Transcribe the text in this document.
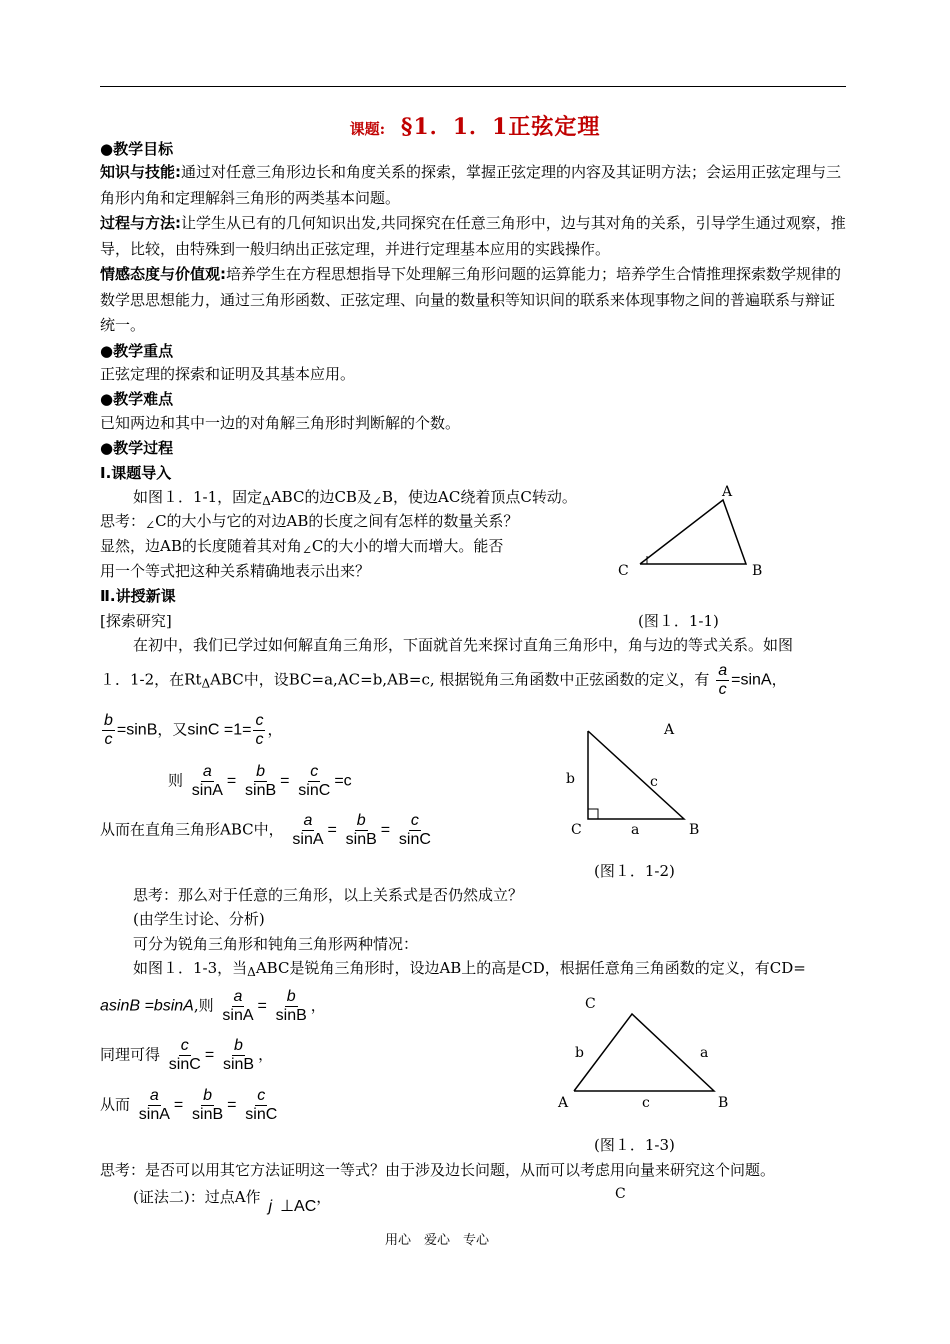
课题: §1．1．1正弦定理
●教学目标
知识与技能:通过对任意三角形边长和角度关系的探索，掌握正弦定理的内容及其证明方法；会运用正弦定理与三角形内角和定理解斜三角形的两类基本问题。
过程与方法:让学生从已有的几何知识出发,共同探究在任意三角形中，边与其对角的关系，引导学生通过观察，推导，比较，由特殊到一般归纳出正弦定理，并进行定理基本应用的实践操作。
情感态度与价值观:培养学生在方程思想指导下处理解三角形问题的运算能力；培养学生合情推理探索数学规律的数学思思想能力，通过三角形函数、正弦定理、向量的数量积等知识间的联系来体现事物之间的普遍联系与辩证统一。
●教学重点
正弦定理的探索和证明及其基本应用。
●教学难点
已知两边和其中一边的对角解三角形时判断解的个数。
●教学过程
Ⅰ.课题导入
如图１．1-1，固定$_\Delta$ABC的边CB及$_\angle$B，使边AC绕着顶点C转动。
思考：$_\angle$C的大小与它的对边AB的长度之间有怎样的数量关系？
显然，边AB的长度随着其对角$_\angle$C的大小的增大而增大。能否
用一个等式把这种关系精确地表示出来？
A
C	B
Ⅱ.讲授新课
[探索研究]	(图１．1-1)
在初中，我们已学过如何解直角三角形，下面就首先来探讨直角三角形中，角与边的等式关系。如图
１．1-2，在$Rt_\Delta ABC$中，设BC=a,AC=b,AB=c, 根据锐角三角函数中正弦函数的定义，有 $\frac{a}{c} =\sin A$，
$\frac{b}{c} =\sin B$，又$\sin C =1= \frac{c}{c}$ ，
则 $\frac{a}{\sin A} = \frac{b}{\sin B} = \frac{c}{\sin C} =c$
从而在直角三角形ABC中， $\frac{a}{\sin A} = \frac{b}{\sin B} = \frac{c}{\sin C}$
A
b	c
C	a	B
(图１．1-2)
思考：那么对于任意的三角形，以上关系式是否仍然成立？
(由学生讨论、分析)
可分为锐角三角形和钝角三角形两种情况：
如图１．1-3，当$_\Delta$ABC是锐角三角形时，设边AB上的高是CD，根据任意角三角函数的定义，有CD=
asinB =bsinA,则 $\frac{a}{\sin A} = \frac{b}{\sin B}$ ，
同理可得 $\frac{c}{\sin C} = \frac{b}{\sin B}$ ，
从而 $\frac{a}{\sin A} = \frac{b}{\sin B} = \frac{c}{\sin C}$
C
b	a
A	c	B
(图１．1-3)
思考：是否可以用其它方法证明这一等式？由于涉及边长问题，从而可以考虑用向量来研究这个问题。
(证法二)：过点A作j ⊥AC，	C
用心　爱心　专心
